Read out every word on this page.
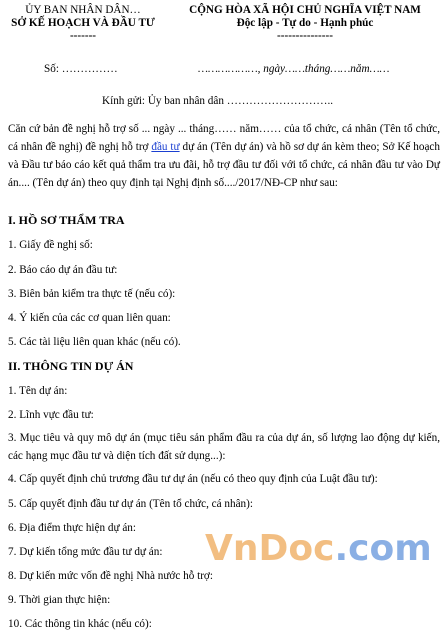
ỦY BAN NHÂN DÂN…
SỞ KẾ HOẠCH VÀ ĐẦU TƯ
-------
CỘNG HÒA XÃ HỘI CHỦ NGHĨA VIỆT NAM
Độc lập - Tự do - Hạnh phúc
---------------
Số: ……………	………………, ngày……tháng……năm……
Kính gửi: Ủy ban nhân dân ………………………..
Căn cứ bản đề nghị hỗ trợ số ... ngày ... tháng…… năm…… của tổ chức, cá nhân (Tên tổ chức, cá nhân đề nghị) đề nghị hỗ trợ đầu tư dự án (Tên dự án) và hồ sơ dự án kèm theo; Sở Kế hoạch và Đầu tư báo cáo kết quả thẩm tra ưu đãi, hỗ trợ đầu tư đối với tổ chức, cá nhân đầu tư vào Dự án.... (Tên dự án) theo quy định tại Nghị định số..../2017/NĐ-CP như sau:
I. HỒ SƠ THẨM TRA
1. Giấy đề nghị số:
2. Báo cáo dự án đầu tư:
3. Biên bản kiểm tra thực tế (nếu có):
4. Ý kiến của các cơ quan liên quan:
5. Các tài liệu liên quan khác (nếu có).
II. THÔNG TIN DỰ ÁN
1. Tên dự án:
2. Lĩnh vực đầu tư:
3. Mục tiêu và quy mô dự án (mục tiêu sản phẩm đầu ra của dự án, số lượng lao động dự kiến, các hạng mục đầu tư và diện tích đất sử dụng...):
4. Cấp quyết định chủ trương đầu tư dự án (nếu có theo quy định của Luật đầu tư):
5. Cấp quyết định đầu tư dự án (Tên tổ chức, cá nhân):
6. Địa điểm thực hiện dự án:
7. Dự kiến tổng mức đầu tư dự án:
8. Dự kiến mức vốn đề nghị Nhà nước hỗ trợ:
9. Thời gian thực hiện:
10. Các thông tin khác (nếu có):
VnDoc.com
